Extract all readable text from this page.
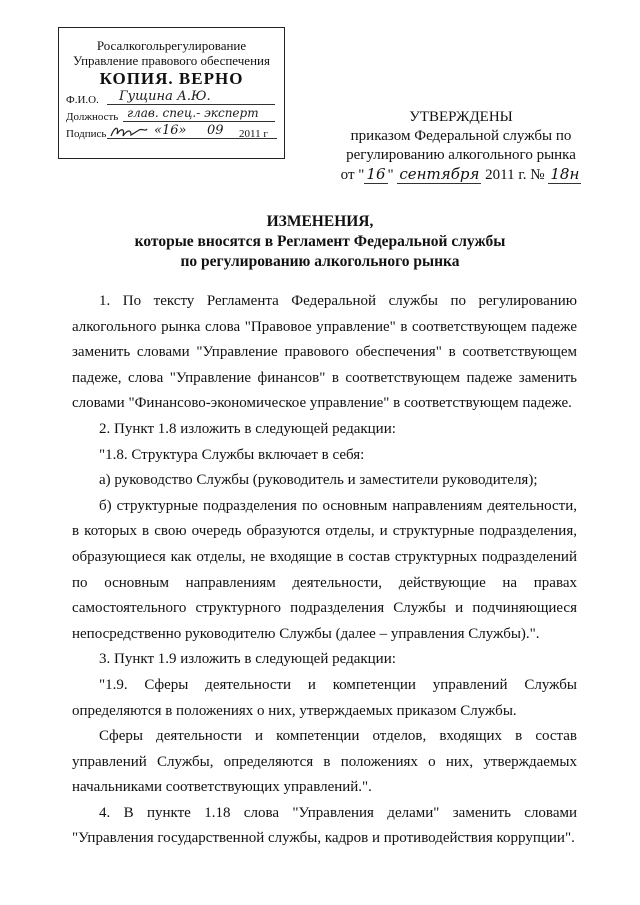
Росалкогольрегулирование
Управление правового обеспечения
КОПИЯ. ВЕРНО
Ф.И.О. Гущина А.Ю.
Должность глав. спец.- эксперт
Подпись	«16» 09 2011 г
УТВЕРЖДЕНЫ
приказом Федеральной службы по
регулированию алкогольного рынка
от " 16 " сентября 2011 г. № 18н
ИЗМЕНЕНИЯ,
которые вносятся в Регламент Федеральной службы
по регулированию алкогольного рынка

1. По тексту Регламента Федеральной службы по регулированию алкогольного рынка слова "Правовое управление" в соответствующем падеже заменить словами "Управление правового обеспечения" в соответствующем падеже, слова "Управление финансов" в соответствующем падеже заменить словами "Финансово-экономическое управление" в соответствующем падеже.

2. Пункт 1.8 изложить в следующей редакции:

"1.8. Структура Службы включает в себя:

а) руководство Службы (руководитель и заместители руководителя);

б) структурные подразделения по основным направлениям деятельности, в которых в свою очередь образуются отделы, и структурные подразделения, образующиеся как отделы, не входящие в состав структурных подразделений по основным направлениям деятельности, действующие на правах самостоятельного структурного подразделения Службы и подчиняющиеся непосредственно руководителю Службы (далее – управления Службы).".

3. Пункт 1.9 изложить в следующей редакции:

"1.9. Сферы деятельности и компетенции управлений Службы определяются в положениях о них, утверждаемых приказом Службы.

Сферы деятельности и компетенции отделов, входящих в состав управлений Службы, определяются в положениях о них, утверждаемых начальниками соответствующих управлений.".

4. В пункте 1.18 слова "Управления делами" заменить словами "Управления государственной службы, кадров и противодействия коррупции".
